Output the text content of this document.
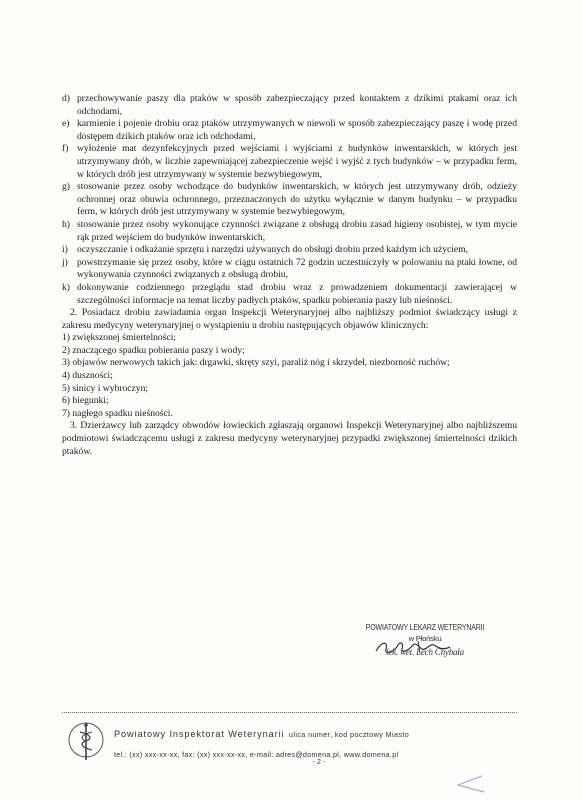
d) przechowywanie paszy dla ptaków w sposób zabezpieczający przed kontaktem z dzikimi ptakami oraz ich odchodami,

e) karmienie i pojenie drobiu oraz ptaków utrzymywanych w niewoli w sposób zabezpieczający paszę i wodę przed dostępem dzikich ptaków oraz ich odchodami,

f) wyłożenie mat dezynfekcyjnych przed wejściami i wyjściami z budynków inwentarskich, w których jest utrzymywany drób, w liczbie zapewniającej zabezpieczenie wejść i wyjść z tych budynków – w przypadku ferm, w których drób jest utrzymywany w systemie bezwybiegowym,

g) stosowanie przez osoby wchodzące do budynków inwentarskich, w których jest utrzymywany drób, odzieży ochronnej oraz obuwia ochronnego, przeznaczonych do użytku wyłącznie w danym budynku – w przypadku ferm, w których drób jest utrzymywany w systemie bezwybiegowym,

h) stosowanie przez osoby wykonujące czynności związane z obsługą drobiu zasad higieny osobistej, w tym mycie rąk przed wejściem do budynków inwentarskich,

i) oczyszczanie i odkażanie sprzętu i narzędzi używanych do obsługi drobiu przed każdym ich użyciem,

j) powstrzymanie się przez osoby, które w ciągu ostatnich 72 godzin uczestniczyły w polowaniu na ptaki łowne, od wykonywania czynności związanych z obsługą drobiu,

k) dokonywanie codziennego przeglądu stad drobiu wraz z prowadzeniem dokumentacji zawierającej w szczególności informacje na temat liczby padłych ptaków, spadku pobierania paszy lub nieśności.

2. Posiadacz drobiu zawiadamia organ Inspekcji Weterynaryjnej albo najbliższy podmiot świadczący usługi z zakresu medycyny weterynaryjnej o wystąpieniu u drobiu następujących objawów klinicznych:

1) zwiększonej śmiertelności;

2) znaczącego spadku pobierania paszy i wody;

3) objawów nerwowych takich jak: drgawki, skręty szyi, paraliż nóg i skrzydeł, niezborność ruchów;

4) duszności;

5) sinicy i wybroczyn;

6) biegunki;

7) nagłego spadku nieśności.

3. Dzierżawcy lub zarządcy obwodów łowieckich zgłaszają organowi Inspekcji Weterynaryjnej albo najbliższemu podmiotowi świadczącemu usługi z zakresu medycyny weterynaryjnej przypadki zwiększonej śmiertelności dzikich ptaków.

POWIATOWY LEKARZ WETERYNARII
w Płońsku
lek. wet. Lech Chybała
Powiatowy Inspektorat Weterynarii ulica numer, kod pocztowy Miasto
tel.: (xx) xxx-xx-xx, fax: (xx) xxx-xx-xx, e-mail: adres@domena.pl, www.domena.pl
- 2 -
